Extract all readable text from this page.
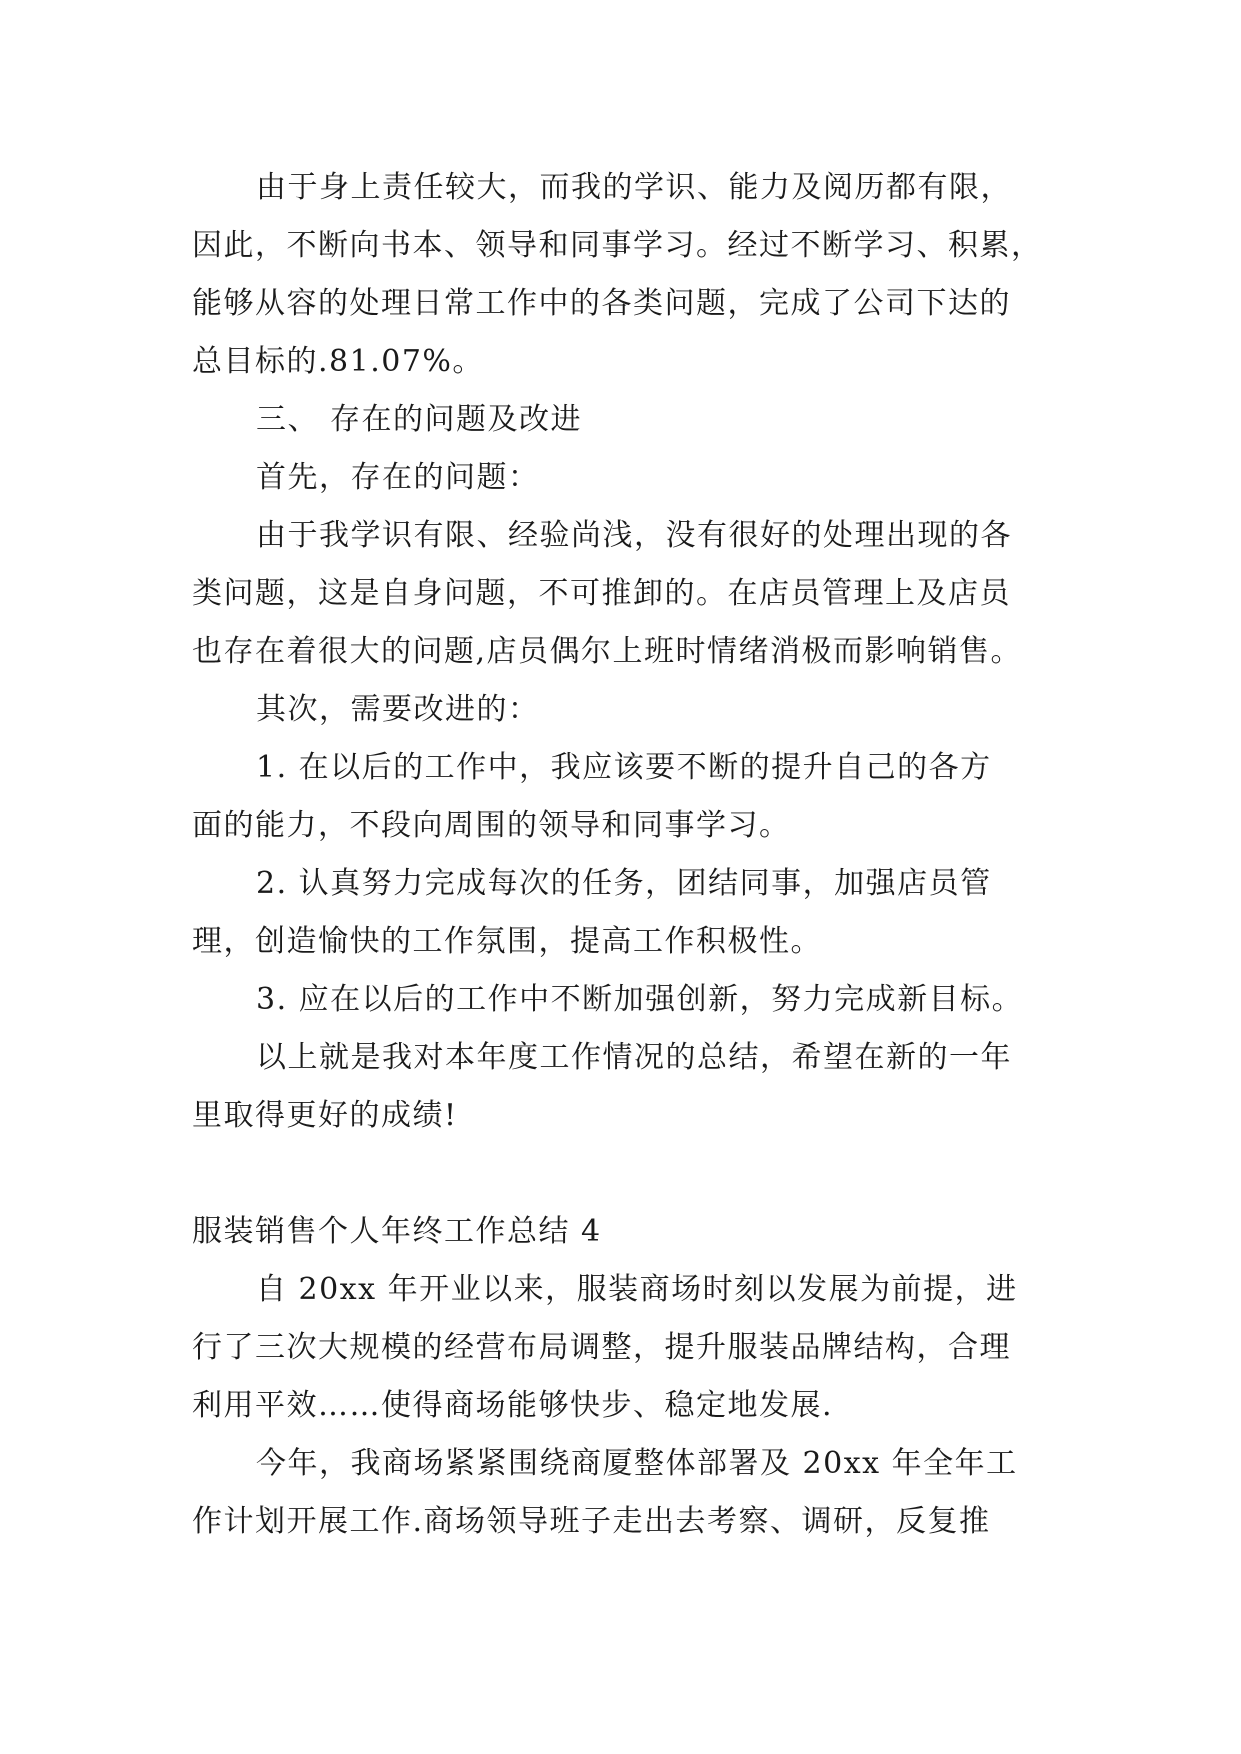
由于身上责任较大，而我的学识、能力及阅历都有限，
因此，不断向书本、领导和同事学习。经过不断学习、积累，
能够从容的处理日常工作中的各类问题，完成了公司下达的
总目标的.81.07%。
三、 存在的问题及改进
首先，存在的问题：
由于我学识有限、经验尚浅，没有很好的处理出现的各
类问题，这是自身问题，不可推卸的。在店员管理上及店员
也存在着很大的问题,店员偶尔上班时情绪消极而影响销售。
其次，需要改进的：
1. 在以后的工作中，我应该要不断的提升自己的各方
面的能力，不段向周围的领导和同事学习。
2. 认真努力完成每次的任务，团结同事，加强店员管
理，创造愉快的工作氛围，提高工作积极性。
3. 应在以后的工作中不断加强创新，努力完成新目标。
以上就是我对本年度工作情况的总结，希望在新的一年
里取得更好的成绩!
服装销售个人年终工作总结 4
自 20xx 年开业以来，服装商场时刻以发展为前提，进
行了三次大规模的经营布局调整，提升服装品牌结构，合理
利用平效……使得商场能够快步、稳定地发展.
今年，我商场紧紧围绕商厦整体部署及 20xx 年全年工
作计划开展工作.商场领导班子走出去考察、调研，反复推
